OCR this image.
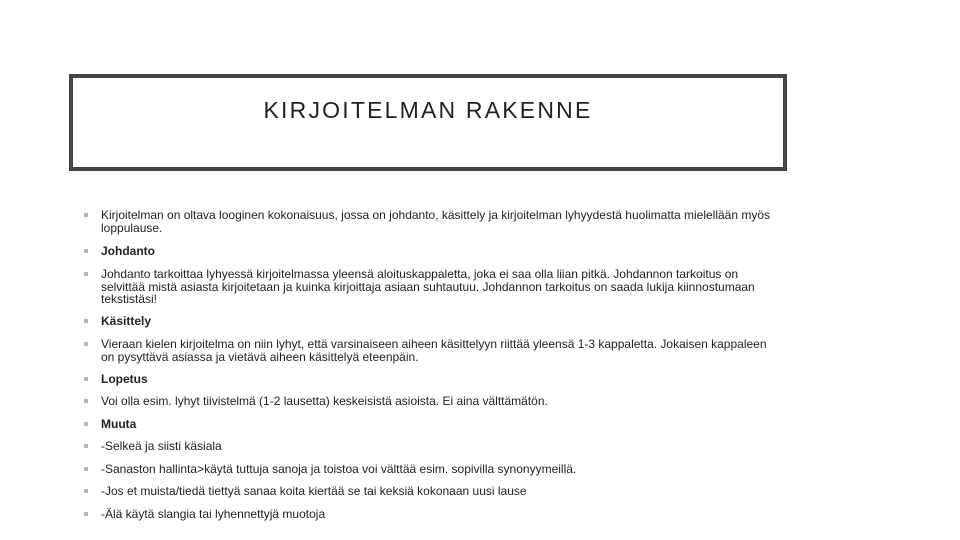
KIRJOITELMAN RAKENNE
Kirjoitelman on oltava looginen kokonaisuus, jossa on johdanto, käsittely ja kirjoitelman lyhyydestä huolimatta mielellään myös loppulause.
Johdanto
Johdanto tarkoittaa lyhyessä kirjoitelmassa yleensä aloituskappaletta, joka ei saa olla liian pitkä. Johdannon tarkoitus on selvittää mistä asiasta kirjoitetaan ja kuinka kirjoittaja asiaan suhtautuu. Johdannon tarkoitus on saada lukija kiinnostumaan tekstistäsi!
Käsittely
Vieraan kielen kirjoitelma on niin lyhyt, että varsinaiseen aiheen käsittelyyn riittää yleensä 1-3 kappaletta. Jokaisen kappaleen on pysyttävä asiassa ja vietävä aiheen käsittelyä eteenpäin.
Lopetus
Voi olla esim. lyhyt tiivistelmä (1-2 lausetta) keskeisistä asioista. Ei aina välttämätön.
Muuta
-Selkeä ja siisti käsiala
-Sanaston hallinta>käytä tuttuja sanoja ja toistoa voi välttää esim. sopivilla synonyymeillä.
-Jos et muista/tiedä tiettyä sanaa koita kiertää se tai keksiä kokonaan uusi lause
-Älä käytä slangia tai lyhennettyjä muotoja
